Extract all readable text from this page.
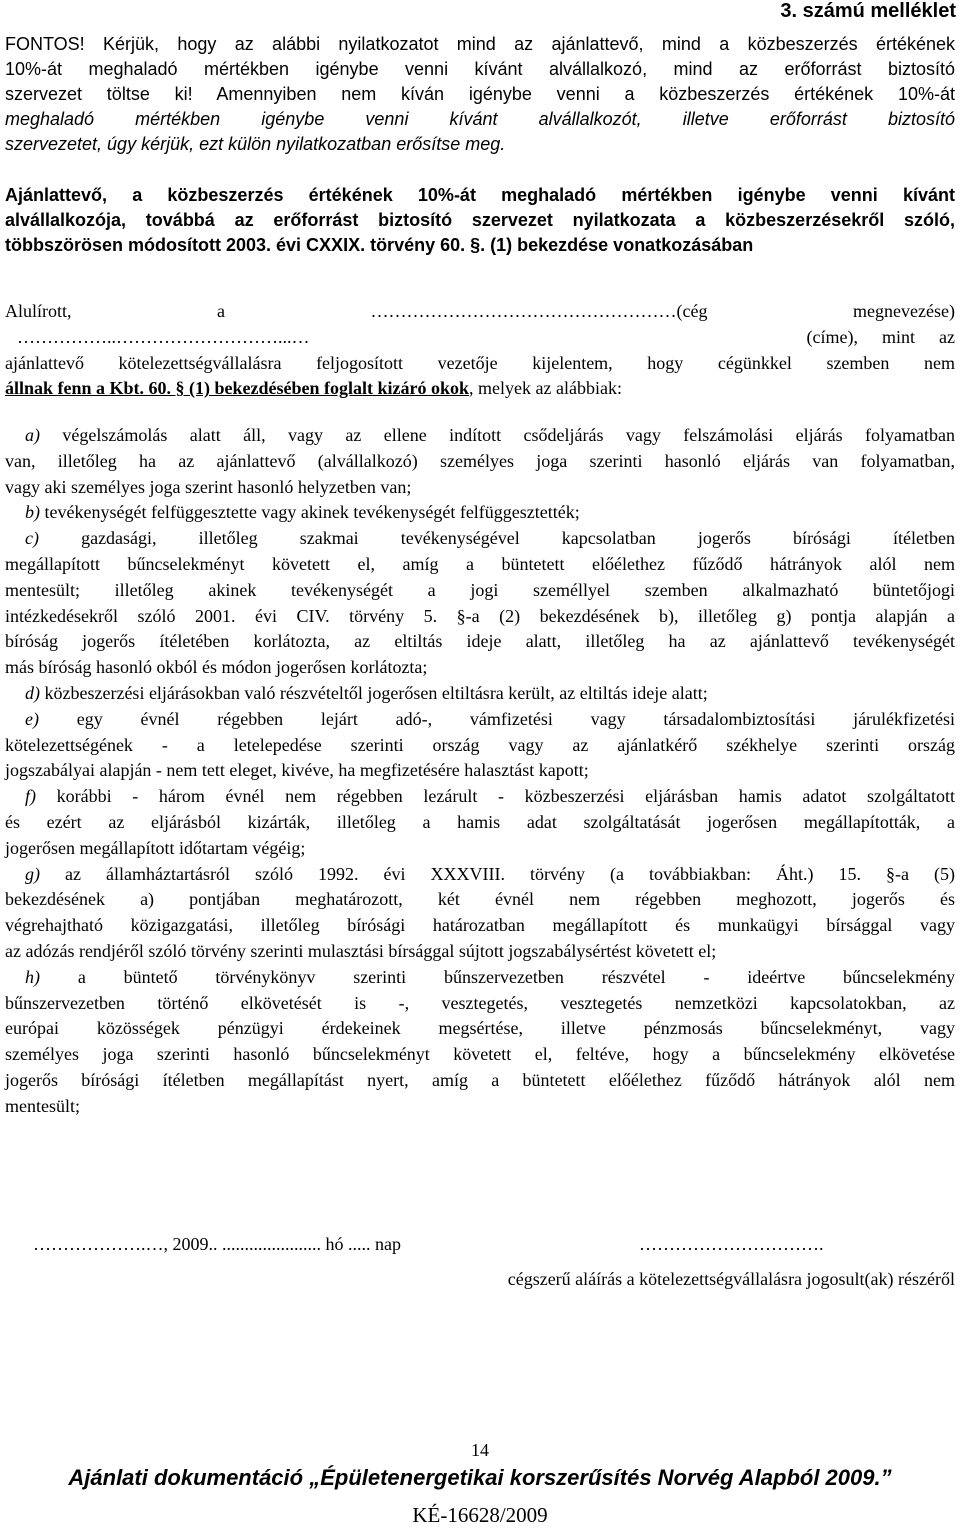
3. számú melléklet

FONTOS! Kérjük, hogy az alábbi nyilatkozatot mind az ajánlattevő, mind a közbeszerzés értékének

10%-át meghaladó mértékben igénybe venni kívánt alvállalkozó, mind az erőforrást biztosító

szervezet töltse ki! Amennyiben nem kíván igénybe venni a közbeszerzés értékének 10%-át

meghaladó mértékben igénybe venni kívánt alvállalkozót, illetve erőforrást biztosító

szervezetet, úgy kérjük, ezt külön nyilatkozatban erősítse meg.

Ajánlattevő, a közbeszerzés értékének 10%-át meghaladó mértékben igénybe venni kívánt

alvállalkozója, továbbá az erőforrást biztosító szervezet nyilatkozata a közbeszerzésekről szóló,

többszörösen módosított 2003. évi CXXIX. törvény 60. §. (1) bekezdése vonatkozásában

Alulírott,	a	……………………………………………(cég	megnevezése)
……………..………………………...…	(címe), mint az

ajánlattevő kötelezettségvállalásra feljogosított vezetője kijelentem, hogy cégünkkel szemben nem

állnak fenn a Kbt. 60. § (1) bekezdésében foglalt kizáró okok, melyek az alábbiak:

a) végelszámolás alatt áll, vagy az ellene indított csődeljárás vagy felszámolási eljárás folyamatban

van, illetőleg ha az ajánlattevő (alvállalkozó) személyes joga szerinti hasonló eljárás van folyamatban,

vagy aki személyes joga szerint hasonló helyzetben van;

b) tevékenységét felfüggesztette vagy akinek tevékenységét felfüggesztették;

c) gazdasági, illetőleg szakmai tevékenységével kapcsolatban jogerős bírósági ítéletben

megállapított bűncselekményt követett el, amíg a büntetett előélethez fűződő hátrányok alól nem

mentesült; illetőleg akinek tevékenységét a jogi személlyel szemben alkalmazható büntetőjogi

intézkedésekről szóló 2001. évi CIV. törvény 5. §-a (2) bekezdésének b), illetőleg g) pontja alapján a

bíróság jogerős ítéletében korlátozta, az eltiltás ideje alatt, illetőleg ha az ajánlattevő tevékenységét

más bíróság hasonló okból és módon jogerősen korlátozta;

d) közbeszerzési eljárásokban való részvételtől jogerősen eltiltásra került, az eltiltás ideje alatt;

e) egy évnél régebben lejárt adó-, vámfizetési vagy társadalombiztosítási járulékfizetési

kötelezettségének - a letelepedése szerinti ország vagy az ajánlatkérő székhelye szerinti ország

jogszabályai alapján - nem tett eleget, kivéve, ha megfizetésére halasztást kapott;

f) korábbi - három évnél nem régebben lezárult - közbeszerzési eljárásban hamis adatot szolgáltatott

és ezért az eljárásból kizárták, illetőleg a hamis adat szolgáltatását jogerősen megállapították, a

jogerősen megállapított időtartam végéig;

g) az államháztartásról szóló 1992. évi XXXVIII. törvény (a továbbiakban: Áht.) 15. §-a (5)

bekezdésének a) pontjában meghatározott, két évnél nem régebben meghozott, jogerős és

végrehajtható közigazgatási, illetőleg bírósági határozatban megállapított és munkaügyi bírsággal vagy

az adózás rendjéről szóló törvény szerinti mulasztási bírsággal sújtott jogszabálysértést követett el;

h) a büntető törvénykönyv szerinti bűnszervezetben részvétel - ideértve bűncselekmény

bűnszervezetben történő elkövetését is -, vesztegetés, vesztegetés nemzetközi kapcsolatokban, az

európai közösségek pénzügyi érdekeinek megsértése, illetve pénzmosás bűncselekményt, vagy

személyes joga szerinti hasonló bűncselekményt követett el, feltéve, hogy a bűncselekmény elkövetése

jogerős bírósági ítéletben megállapítást nyert, amíg a büntetett előélethez fűződő hátrányok alól nem

mentesült;

……………….…, 2009.. ...................... hó ..... nap	………………………….
cégszerű aláírás a kötelezettségvállalásra jogosult(ak) részéről
14
Ajánlati dokumentáció „Épületenergetikai korszerűsítés Norvég Alapból 2009.”
KÉ-16628/2009
